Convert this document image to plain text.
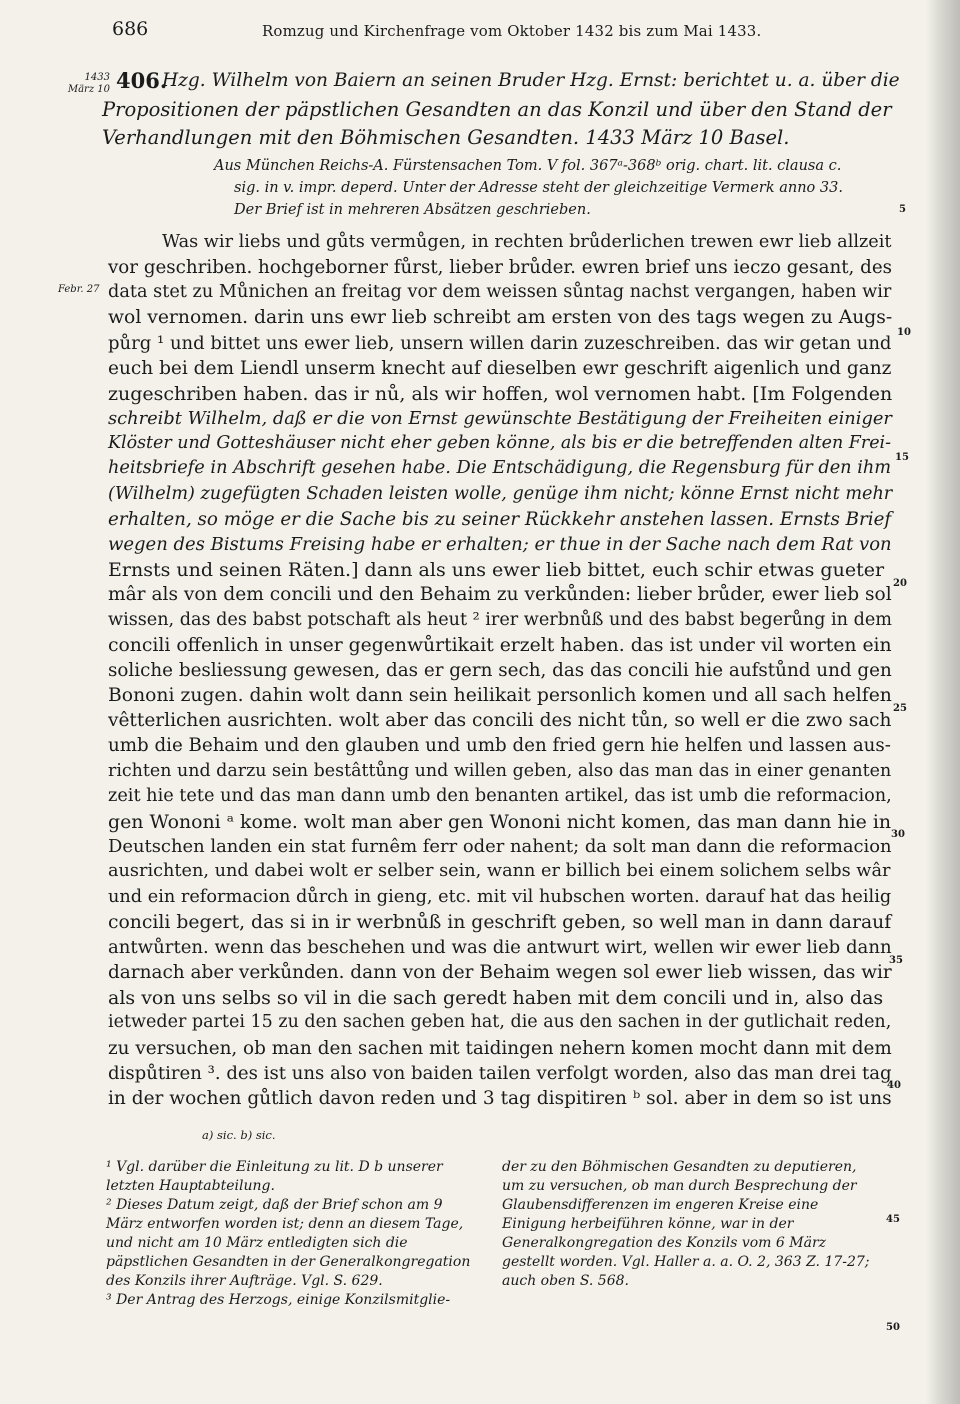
686	Romzug und Kirchenfrage vom Oktober 1432 bis zum Mai 1433.
1433
März 10 406.
Hzg. Wilhelm von Baiern an seinen Bruder Hzg. Ernst: berichtet u. a. über die
Propositionen der päpstlichen Gesandten an das Konzil und über den Stand der
Verhandlungen mit den Böhmischen Gesandten. 1433 März 10 Basel.
Aus München Reichs-A. Fürstensachen Tom. V fol. 367ᵃ-368ᵇ orig. chart. lit. clausa c.
sig. in v. impr. deperd. Unter der Adresse steht der gleichzeitige Vermerk anno 33.
Der Brief ist in mehreren Absätzen geschrieben.	5
Febr. 27
Was wir liebs und gůts vermůgen, in rechten brůderlichen trewen ewr lieb allzeit
vor geschriben. hochgeborner fůrst, lieber brůder. ewren brief uns ieczo gesant, des
data stet zu Můnichen an freitag vor dem weissen sůntag nachst vergangen, haben wir
wol vernomen. darin uns ewr lieb schreibt am ersten von des tags wegen zu Augs-
půrg ¹ und bittet uns ewer lieb, unsern willen darin zuzeschreiben. das wir getan und
euch bei dem Liendl unserm knecht auf dieselben ewr geschrift aigenlich und ganz
zugeschriben haben. das ir nů, als wir hoffen, wol vernomen habt. [Im Folgenden
schreibt Wilhelm, daß er die von Ernst gewünschte Bestätigung der Freiheiten einiger
Klöster und Gotteshäuser nicht eher geben könne, als bis er die betreffenden alten Frei-
heitsbriefe in Abschrift gesehen habe. Die Entschädigung, die Regensburg für den ihm
(Wilhelm) zugefügten Schaden leisten wolle, genüge ihm nicht; könne Ernst nicht mehr
erhalten, so möge er die Sache bis zu seiner Rückkehr anstehen lassen. Ernsts Brief
wegen des Bistums Freising habe er erhalten; er thue in der Sache nach dem Rat von
Ernsts und seinen Räten.] dann als uns ewer lieb bittet, euch schir etwas gueter
mâr als von dem concili und den Behaim zu verkůnden: lieber brůder, ewer lieb sol
wissen, das des babst potschaft als heut ² irer werbnůß und des babst begerůng in dem
concili offenlich in unser gegenwůrtikait erzelt haben. das ist under vil worten ein
soliche besliessung gewesen, das er gern sech, das das concili hie aufstůnd und gen
Bononi zugen. dahin wolt dann sein heilikait personlich komen und all sach helfen
vêtterlichen ausrichten. wolt aber das concili des nicht tůn, so well er die zwo sach
umb die Behaim und den glauben und umb den fried gern hie helfen und lassen aus-
richten und darzu sein bestâttůng und willen geben, also das man das in einer genanten
zeit hie tete und das man dann umb den benanten artikel, das ist umb die reformacion,
gen Wononi ᵃ kome. wolt man aber gen Wononi nicht komen, das man dann hie in
Deutschen landen ein stat furnêm ferr oder nahent; da solt man dann die reformacion
ausrichten, und dabei wolt er selber sein, wann er billich bei einem solichem selbs wâr
und ein reformacion důrch in gieng, etc. mit vil hubschen worten. darauf hat das heilig
concili begert, das si in ir werbnůß in geschrift geben, so well man in dann darauf
antwůrten. wenn das beschehen und was die antwurt wirt, wellen wir ewer lieb dann
darnach aber verkůnden. dann von der Behaim wegen sol ewer lieb wissen, das wir
als von uns selbs so vil in die sach geredt haben mit dem concili und in, also das
ietweder partei 15 zu den sachen geben hat, die aus den sachen in der gutlichait reden,
zu versuchen, ob man den sachen mit taidingen nehern komen mocht dann mit dem
dispůtiren ³. des ist uns also von baiden tailen verfolgt worden, also das man drei tag
in der wochen gůtlich davon reden und 3 tag dispitiren ᵇ sol. aber in dem so ist uns
10
15
20
25
30
35
40
a) sic. b) sic.

¹ Vgl. darüber die Einleitung zu lit. D b unserer letzten Hauptabteilung.

² Dieses Datum zeigt, daß der Brief schon am 9 März entworfen worden ist; denn an diesem Tage, und nicht am 10 März entledigten sich die päpstlichen Gesandten in der Generalkongregation des Konzils ihrer Aufträge. Vgl. S. 629.

³ Der Antrag des Herzogs, einige Konzilsmitglie-

der zu den Böhmischen Gesandten zu deputieren, um zu versuchen, ob man durch Besprechung der Glaubensdifferenzen im engeren Kreise eine Einigung herbeiführen könne, war in der Generalkongregation des Konzils vom 6 März gestellt worden. Vgl. Haller a. a. O. 2, 363 Z. 17-27; auch oben S. 568.

45
50
